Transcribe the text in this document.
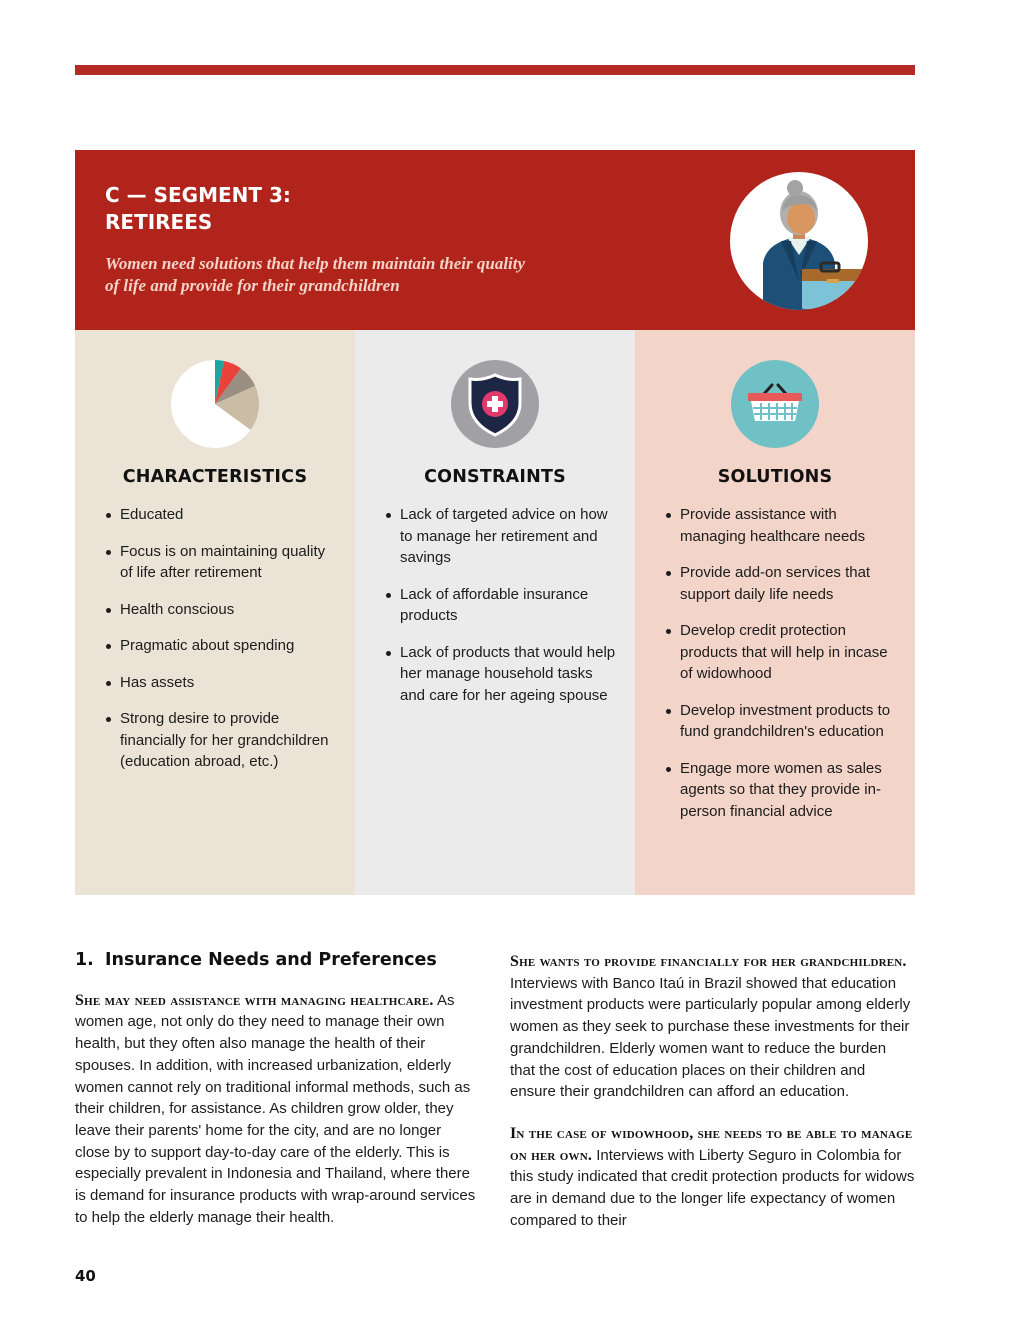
C — SEGMENT 3:
RETIREES
Women need solutions that help them maintain their quality of life and provide for their grandchildren
CHARACTERISTICS
Educated
Focus is on maintaining quality of life after retirement
Health conscious
Pragmatic about spending
Has assets
Strong desire to provide financially for her grandchildren (education abroad, etc.)
CONSTRAINTS
Lack of targeted advice on how to manage her retirement and savings
Lack of affordable insurance products
Lack of products that would help her manage household tasks and care for her ageing spouse
SOLUTIONS
Provide assistance with managing healthcare needs
Provide add-on services that support daily life needs
Develop credit protection products that will help in incase of widowhood
Develop investment products to fund grandchildren's education
Engage more women as sales agents so that they provide in-person financial advice
1. Insurance Needs and Preferences

She may need assistance with managing healthcare. As women age, not only do they need to manage their own health, but they often also manage the health of their spouses. In addition, with increased urbanization, elderly women cannot rely on traditional informal methods, such as their children, for assistance. As children grow older, they leave their parents' home for the city, and are no longer close by to support day-to-day care of the elderly. This is especially prevalent in Indonesia and Thailand, where there is demand for insurance products with wrap-around services to help the elderly manage their health.

She wants to provide financially for her grandchildren. Interviews with Banco Itaú in Brazil showed that education investment products were particularly popular among elderly women as they seek to purchase these investments for their grandchildren. Elderly women want to reduce the burden that the cost of education places on their children and ensure their grandchildren can afford an education.

In the case of widowhood, she needs to be able to manage on her own. Interviews with Liberty Seguro in Colombia for this study indicated that credit protection products for widows are in demand due to the longer life expectancy of women compared to their

40
